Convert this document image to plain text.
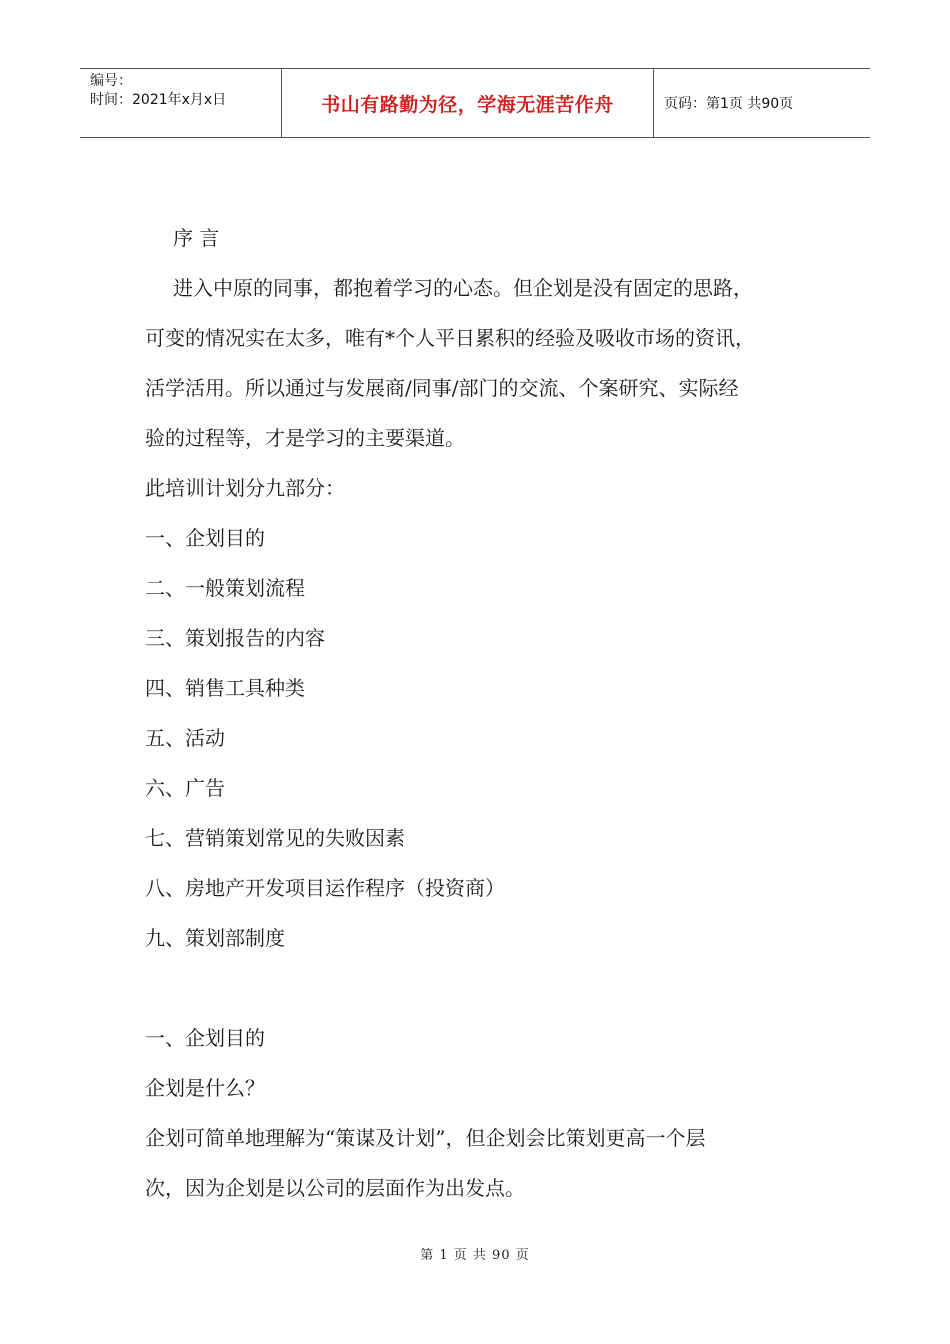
编号：
时间：2021年x月x日	书山有路勤为径，学海无涯苦作舟	页码：第1页 共90页
序 言
进入中原的同事，都抱着学习的心态。但企划是没有固定的思路，
可变的情况实在太多，唯有*个人平日累积的经验及吸收市场的资讯，
活学活用。所以通过与发展商/同事/部门的交流、个案研究、实际经
验的过程等，才是学习的主要渠道。
此培训计划分九部分：
一、企划目的
二、一般策划流程
三、策划报告的内容
四、销售工具种类
五、活动
六、广告
七、营销策划常见的失败因素
八、房地产开发项目运作程序（投资商）
九、策划部制度
一、企划目的
企划是什么？
企划可简单地理解为“策谋及计划”，但企划会比策划更高一个层
次，因为企划是以公司的层面作为出发点。
第 1 页 共 90 页
